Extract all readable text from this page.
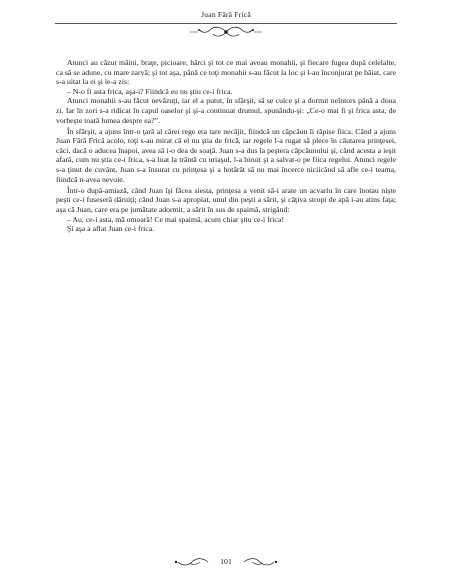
Juan Fără Frică

Atunci au căzut mâini, braţe, picioare, hârci şi tot ce mai aveau monahii, şi fiecare fugea după celelalte, ca să se adune, cu mare zarvă; şi tot aşa, până ce toţi monahii s-au făcut la loc şi l-au înconjurat pe băiat, care s-a uitat la ei şi le-a zis:

– N-o fi asta frica, aşa-i? Fiindcă eu nu ştiu ce-i frica.

Atunci monahii s-au făcut nevăzuţi, iar el a putut, în sfârşit, să se culce şi a dormit neîntors până a doua zi. Iar în zori s-a ridicat în capul oaselor şi şi-a continuat drumul, spunându-şi: „Ce-o mai fi şi frica asta, de vorbeşte toată lumea despre ea?”.

În sfârşit, a ajuns într-o ţară al cărei rege era tare necăjit, fiindcă un căpcăun îi răpise fiica. Când a ajuns Juan Fără Frică acolo, toţi s-au mirat că el nu ştia de frică, iar regele l-a rugat să plece în căutarea prinţesei, căci, dacă o aducea înapoi, avea să i-o dea de soaţă. Juan s-a dus la peştera căpcăunului şi, când acesta a ieşit afară, cum nu ştia ce-i frica, s-a luat la trântă cu uriaşul, l-a biruit şi a salvat-o pe fiica regelui. Atunci regele s-a ţinut de cuvânt, Juan s-a însurat cu prinţesa şi a hotărât să nu mai încerce niciicând să afle ce-i teama, fiindcă n-avea nevoie.

Într-o după-amiază, când Juan îşi făcea siesta, prinţesa a venit să-i arate un acvariu în care înotau nişte peşti ce-i fuseseră dăruiţi; când Juan s-a apropiat, unul din peşti a sărit, şi câţiva stropi de apă i-au atins faţa; aşa că Juan, care era pe jumătate adormit, a sărit în sus de spaimă, strigând:

– Au, ce-i asta, mă omoară! Ce mai spaimă, acum chiar ştiu ce-i frica!

Şi aşa a aflat Juan ce-i frica.

101
